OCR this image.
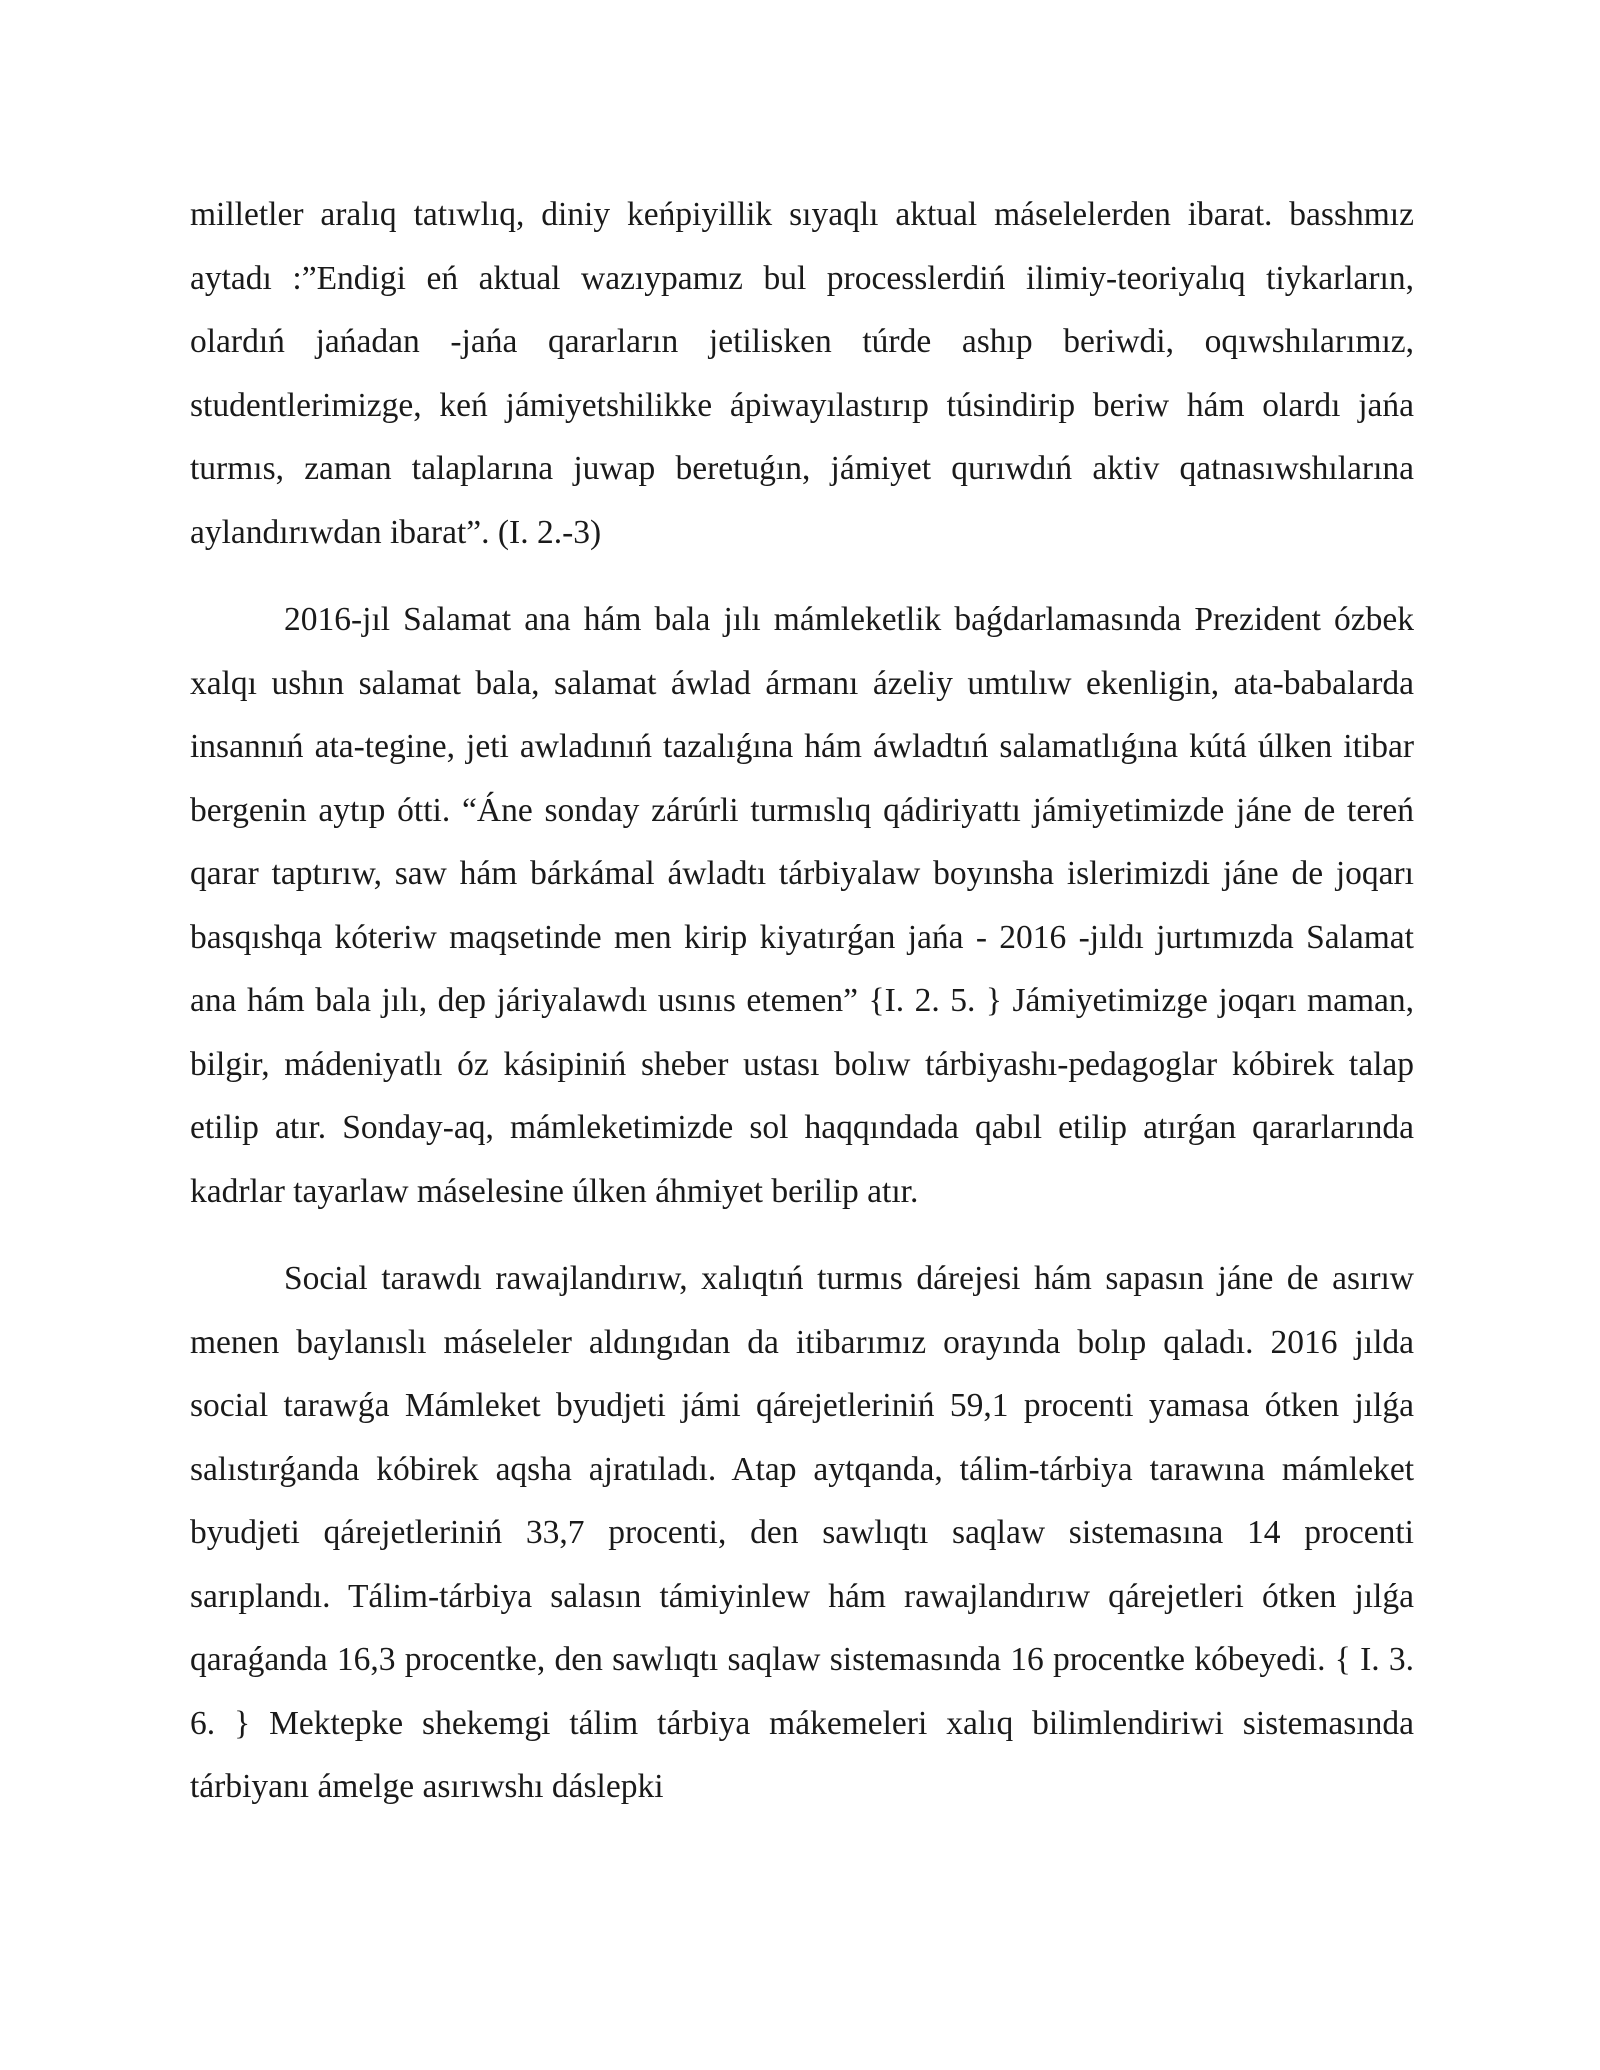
milletler aralıq tatıwlıq, diniy keńpiyillik sıyaqlı aktual máselelerden ibarat. basshmız aytadı :”Endigi eń aktual wazıypamız bul processlerdiń ilimiy-teoriyalıq tiykarların, olardıń jańadan -jańa qararların jetilisken túrde ashıp beriwdi, oqıwshılarımız, studentlerimizge, keń jámiyetshilikke ápiwayılastırıp túsindirip beriw hám olardı jańa turmıs, zaman talaplarına juwap beretuǵın, jámiyet qurıwdıń aktiv qatnasıwshılarına aylandırıwdan ibarat”. (I. 2.-3)

2016-jıl Salamat ana hám bala jılı mámleketlik baǵdarlamasında Prezident ózbek xalqı ushın salamat bala, salamat áwlad ármanı ázeliy umtılıw ekenligin, ata-babalarda insannıń ata-tegine, jeti awladınıń tazalıǵına hám áwladtıń salamatlıǵına kútá úlken itibar bergenin aytıp ótti. “Áne sonday zárúrli turmıslıq qádiriyattı jámiyetimizde jáne de tereń qarar taptırıw, saw hám bárkámal áwladtı tárbiyalaw boyınsha islerimizdi jáne de joqarı basqıshqa kóteriw maqsetinde men kirip kiyatırǵan jańa - 2016 -jıldı jurtımızda Salamat ana hám bala jılı, dep járiyalawdı usınıs etemen” {I. 2. 5. } Jámiyetimizge joqarı maman, bilgir, mádeniyatlı óz kásipiniń sheber ustası bolıw tárbiyashı-pedagoglar kóbirek talap etilip atır. Sonday-aq, mámleketimizde sol haqqındada qabıl etilip atırǵan qararlarında kadrlar tayarlaw máselesine úlken áhmiyet berilip atır.

Social tarawdı rawajlandırıw, xalıqtıń turmıs dárejesi hám sapasın jáne de asırıw menen baylanıslı máseleler aldıngıdan da itibarımız orayında bolıp qaladı. 2016 jılda social tarawǵa Mámleket byudjeti jámi qárejetleriniń 59,1 procenti yamasa ótken jılǵa salıstırǵanda kóbirek aqsha ajratıladı. Atap aytqanda, tálim-tárbiya tarawına mámleket byudjeti qárejetleriniń 33,7 procenti, den sawlıqtı saqlaw sistemasına 14 procenti sarıplandı. Tálim-tárbiya salasın támiyinlew hám rawajlandırıw qárejetleri ótken jılǵa qaraǵanda 16,3 procentke, den sawlıqtı saqlaw sistemasında 16 procentke kóbeyedi. { I. 3. 6. } Mektepke shekemgi tálim tárbiya mákemeleri xalıq bilimlendiriwi sistemasında tárbiyanı ámelge asırıwshı dáslepki
